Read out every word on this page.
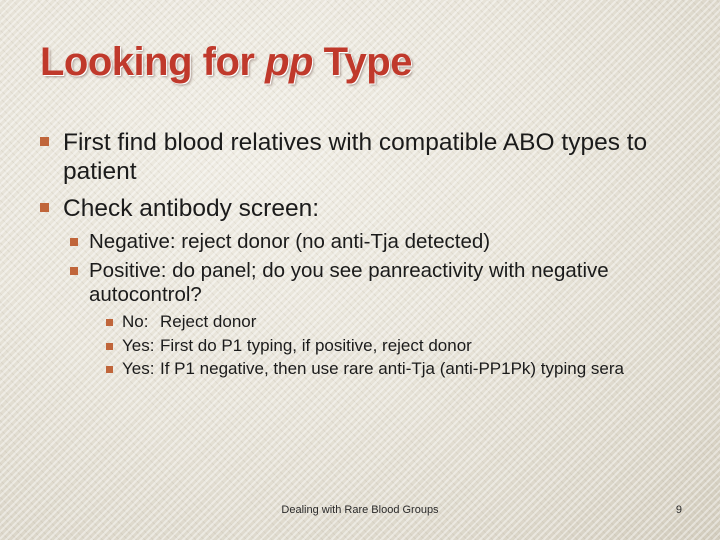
Looking for pp Type
First find blood relatives with compatible ABO types to patient
Check antibody screen:
Negative: reject donor (no anti-Tja detected)
Positive: do panel; do you see panreactivity with negative autocontrol?
No: Reject donor
Yes: First do P1 typing, if positive, reject donor
Yes: If P1 negative, then use rare anti-Tja (anti-PP1Pk) typing sera
Dealing with Rare Blood Groups	9
